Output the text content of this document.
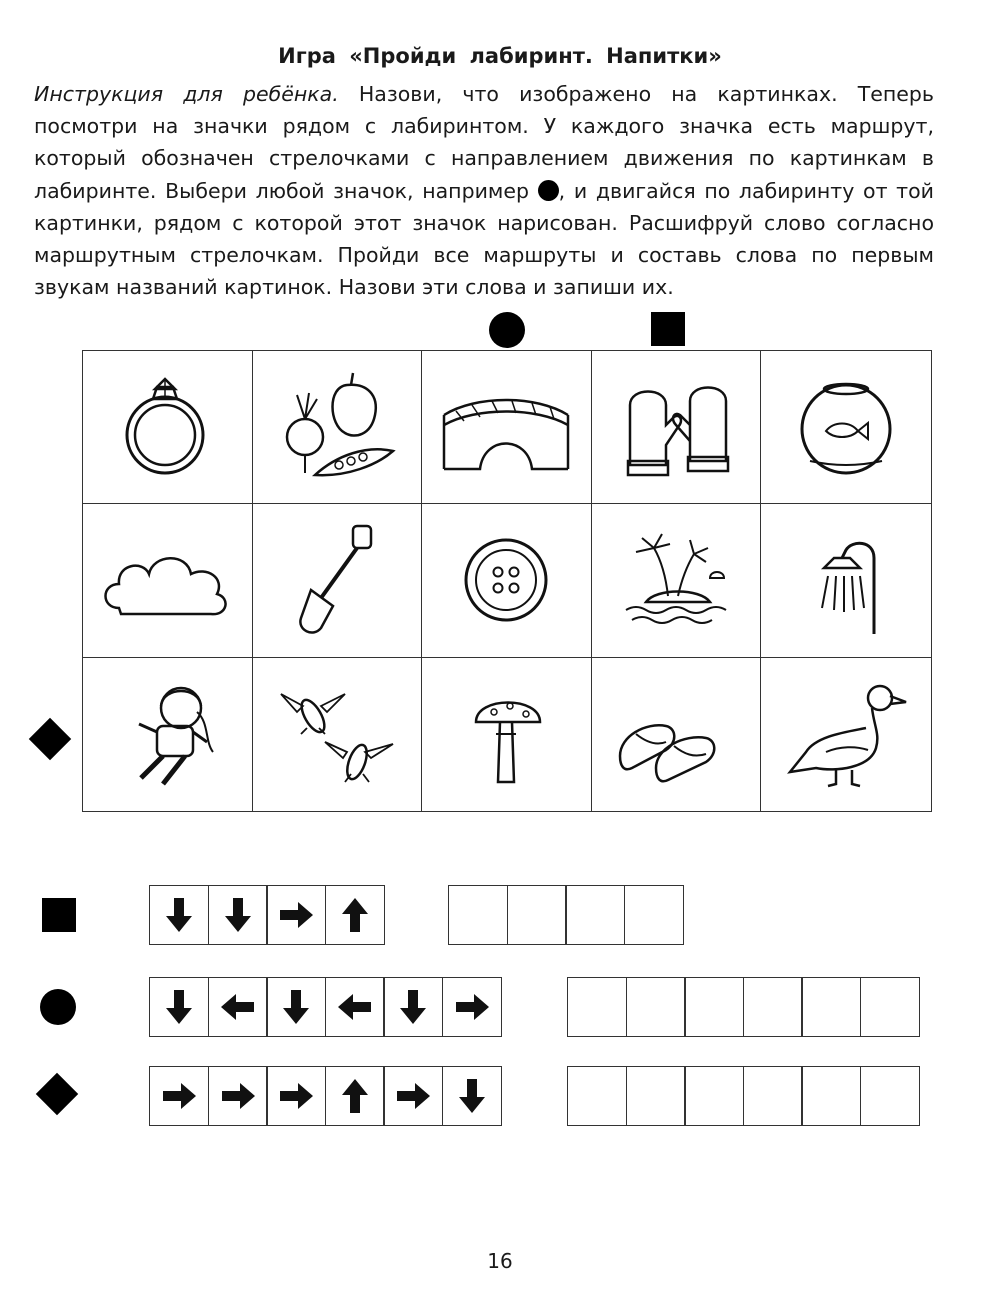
Игра «Пройди лабиринт. Напитки»
Инструкция для ребёнка. Назови, что изображено на картинках. Теперь посмотри на значки рядом с лабиринтом. У каждого значка есть маршрут, который обозначен стрелочками с направлением движения по картинкам в лабиринте. Выбери любой значок, например , и двигайся по лабиринту от той картинки, рядом с которой этот значок нарисован. Расшифруй слово согласно маршрутным стрелочкам. Пройди все маршруты и составь слова по первым звукам названий картинок. Назови эти слова и запиши их.
16
